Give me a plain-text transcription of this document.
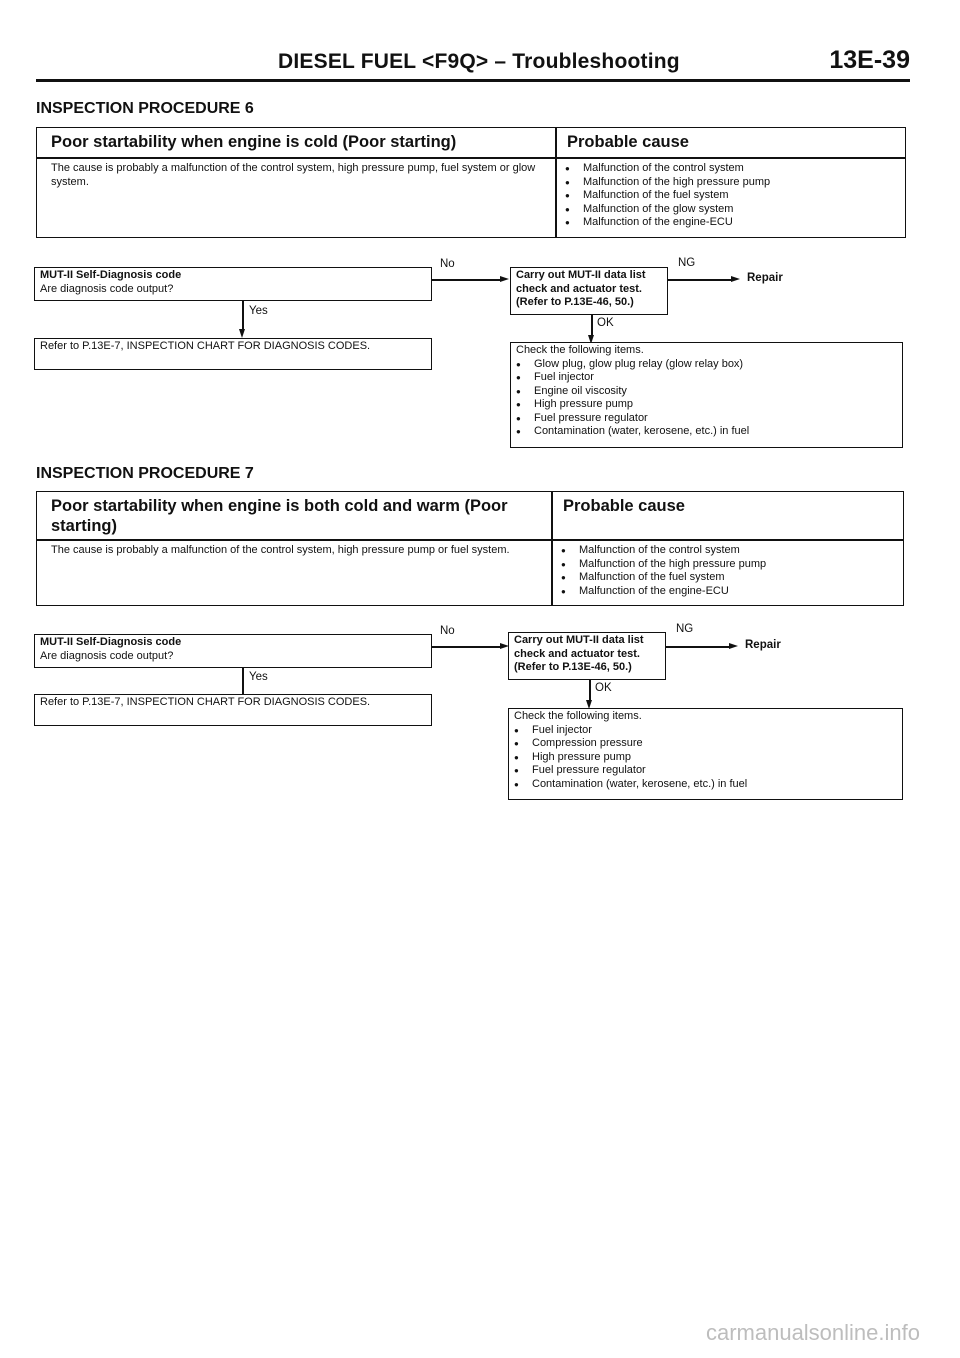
DIESEL FUEL <F9Q> – Troubleshooting	13E-39
INSPECTION PROCEDURE 6
Poor startability when engine is cold (Poor starting)	Probable cause
The cause is probably a malfunction of the control system, high pressure pump, fuel system or glow system.
● Malfunction of the control system
● Malfunction of the high pressure pump
● Malfunction of the fuel system
● Malfunction of the glow system
● Malfunction of the engine-ECU
MUT-II Self-Diagnosis code
Are diagnosis code output?
No
Yes
Refer to P.13E-7, INSPECTION CHART FOR DIAGNOSIS CODES.
Carry out MUT-II data list
check and actuator test.
(Refer to P.13E-46, 50.)
NG
Repair
OK
Check the following items.
● Glow plug, glow plug relay (glow relay box)
● Fuel injector
● Engine oil viscosity
● High pressure pump
● Fuel pressure regulator
● Contamination (water, kerosene, etc.) in fuel
INSPECTION PROCEDURE 7
Poor startability when engine is both cold and warm (Poor starting)
Probable cause
The cause is probably a malfunction of the control system, high pressure pump or fuel system.
●	Malfunction of the control system
● Malfunction of the high pressure pump
● Malfunction of the fuel system
● Malfunction of the engine-ECU
MUT-II Self-Diagnosis code
Are diagnosis code output?
No
Yes
Refer to P.13E-7, INSPECTION CHART FOR DIAGNOSIS CODES.
Carry out MUT-II data list
check and actuator test.
(Refer to P.13E-46, 50.)
NG
Repair
OK
Check the following items.
● Fuel injector
● Compression pressure
● High pressure pump
● Fuel pressure regulator
● Contamination (water, kerosene, etc.) in fuel
carmanualsonline.info
